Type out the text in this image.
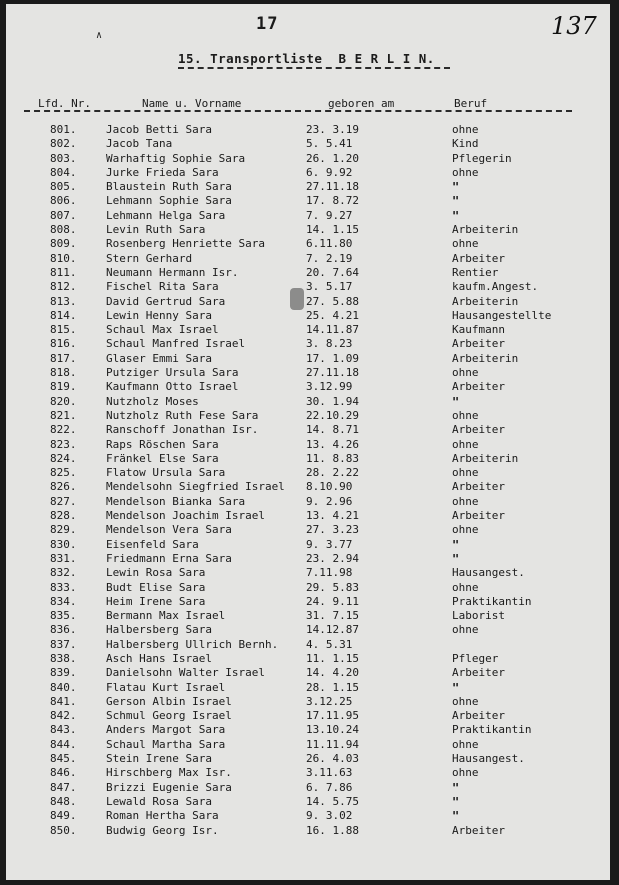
137
∧
17
15. Transportliste  B E R L I N.
Lfd. Nr.	Name u. Vorname	geboren am	Beruf
801.	Jacob Betti Sara	23. 3.19	ohne
802.	Jacob Tana	5. 5.41	Kind
803.	Warhaftig Sophie Sara	26. 1.20	Pflegerin
804.	Jurke Frieda Sara	6. 9.92	ohne
805.	Blaustein Ruth Sara	27.11.18	"
806.	Lehmann Sophie Sara	17. 8.72	"
807.	Lehmann Helga Sara	7. 9.27	"
808.	Levin Ruth Sara	14. 1.15	Arbeiterin
809.	Rosenberg Henriette Sara	6.11.80	ohne
810.	Stern Gerhard	7. 2.19	Arbeiter
811.	Neumann Hermann Isr.	20. 7.64	Rentier
812.	Fischel Rita Sara	3. 5.17	kaufm.Angest.
813.	David Gertrud Sara	27. 5.88	Arbeiterin
814.	Lewin Henny Sara	25. 4.21	Hausangestellte
815.	Schaul Max Israel	14.11.87	Kaufmann
816.	Schaul Manfred Israel	3. 8.23	Arbeiter
817.	Glaser Emmi Sara	17. 1.09	Arbeiterin
818.	Putziger Ursula Sara	27.11.18	ohne
819.	Kaufmann Otto Israel	3.12.99	Arbeiter
820.	Nutzholz Moses	30. 1.94	"
821.	Nutzholz Ruth Fese Sara	22.10.29	ohne
822.	Ranschoff Jonathan Isr.	14. 8.71	Arbeiter
823.	Raps Röschen Sara	13. 4.26	ohne
824.	Fränkel Else Sara	11. 8.83	Arbeiterin
825.	Flatow Ursula Sara	28. 2.22	ohne
826.	Mendelsohn Siegfried Israel	8.10.90	Arbeiter
827.	Mendelson Bianka Sara	9. 2.96	ohne
828.	Mendelson Joachim Israel	13. 4.21	Arbeiter
829.	Mendelson Vera Sara	27. 3.23	ohne
830.	Eisenfeld Sara	9. 3.77	"
831.	Friedmann Erna Sara	23. 2.94	"
832.	Lewin Rosa Sara	7.11.98	Hausangest.
833.	Budt Elise Sara	29. 5.83	ohne
834.	Heim Irene Sara	24. 9.11	Praktikantin
835.	Bermann Max Israel	31. 7.15	Laborist
836.	Halbersberg Sara	14.12.87	ohne
837.	Halbersberg Ullrich Bernh.	4. 5.31
838.	Asch Hans Israel	11. 1.15	Pfleger
839.	Danielsohn Walter Israel	14. 4.20	Arbeiter
840.	Flatau Kurt Israel	28. 1.15	"
841.	Gerson Albin Israel	3.12.25	ohne
842.	Schmul Georg Israel	17.11.95	Arbeiter
843.	Anders Margot Sara	13.10.24	Praktikantin
844.	Schaul Martha Sara	11.11.94	ohne
845.	Stein Irene Sara	26. 4.03	Hausangest.
846.	Hirschberg Max Isr.	3.11.63	ohne
847.	Brizzi Eugenie Sara	6. 7.86	"
848.	Lewald Rosa Sara	14. 5.75	"
849.	Roman Hertha Sara	9. 3.02	"
850.	Budwig Georg Isr.	16. 1.88	Arbeiter
